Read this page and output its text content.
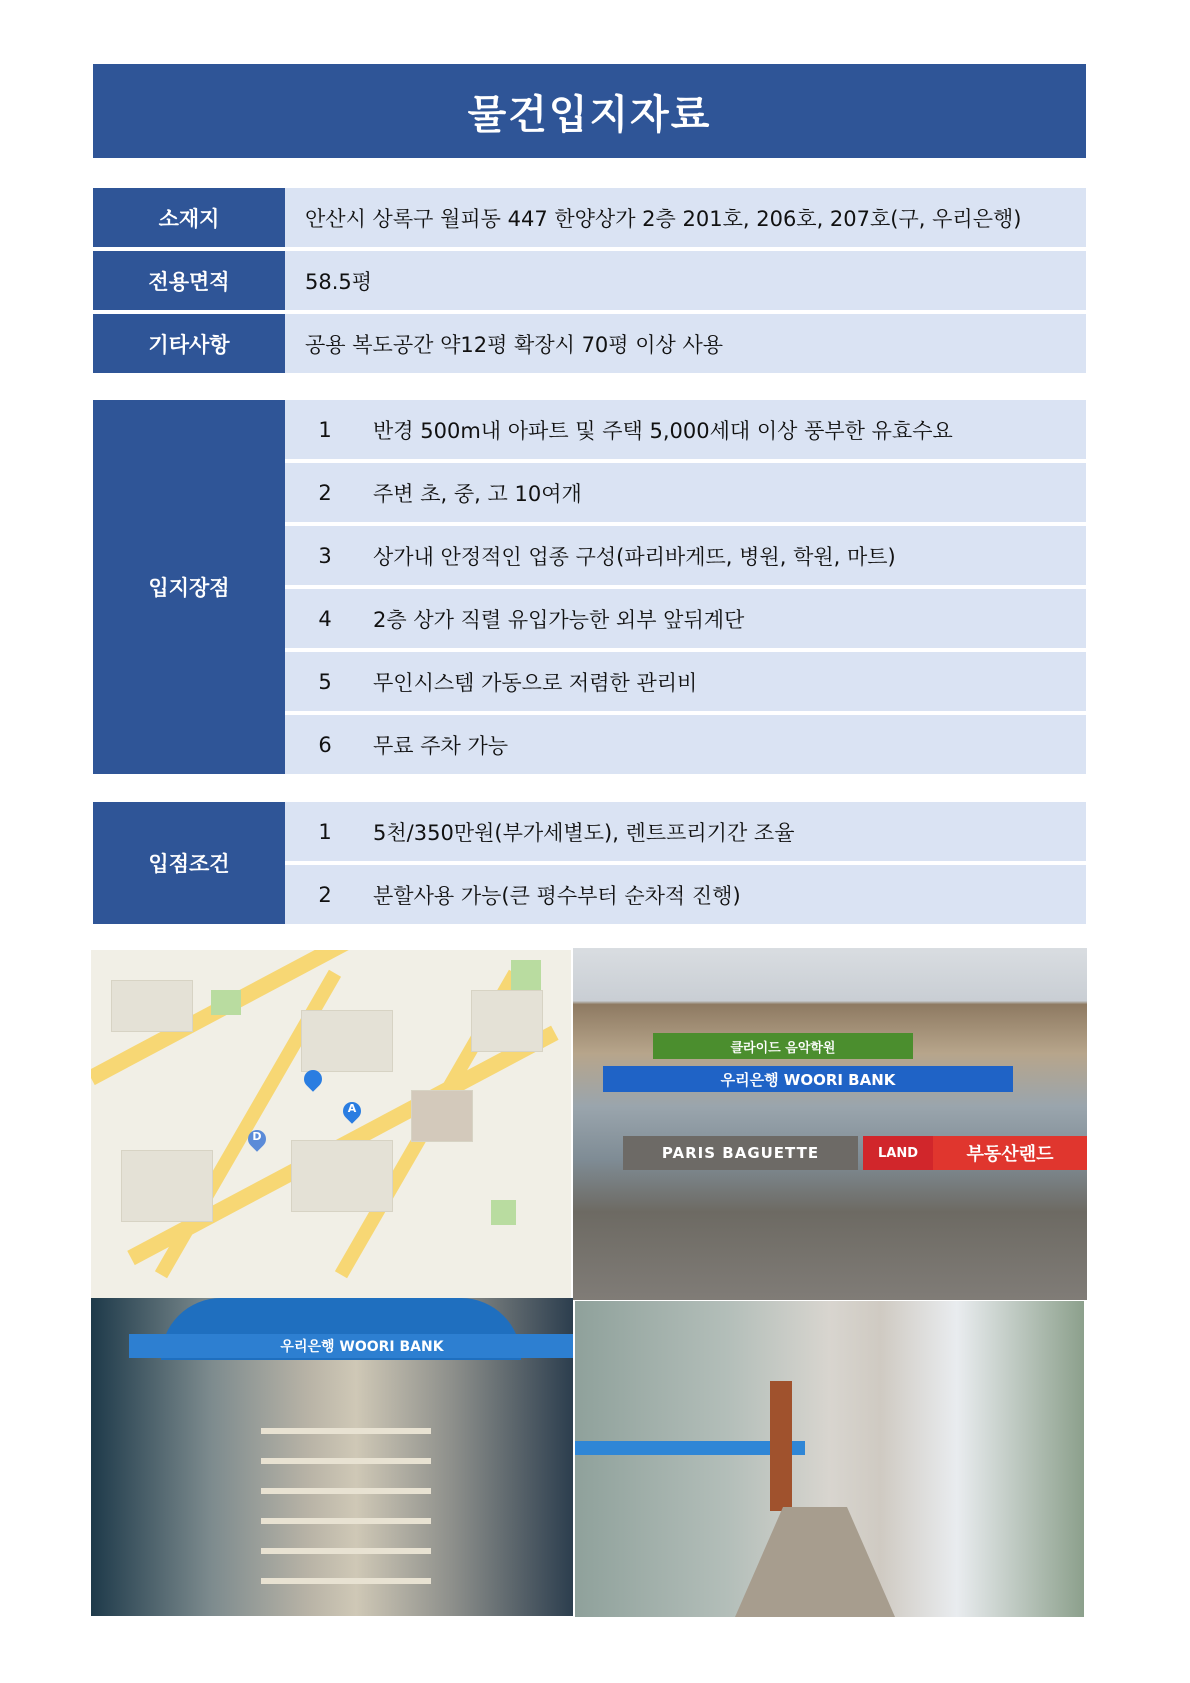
물건입지자료
소재지	안산시 상록구 월피동 447 한양상가 2층 201호, 206호, 207호(구, 우리은행)
전용면적	58.5평
기타사항	공용 복도공간 약12평 확장시 70평 이상 사용
입지장점
1	반경 500m내 아파트 및 주택 5,000세대 이상 풍부한 유효수요
2	주변 초, 중, 고 10여개
3	상가내 안정적인 업종 구성(파리바게뜨, 병원, 학원, 마트)
4	2층 상가 직렬 유입가능한 외부 앞뒤계단
5	무인시스템 가동으로 저렴한 관리비
6	무료 주차 가능
입점조건
1	5천/350만원(부가세별도), 렌트프리기간 조율
2	분할사용 가능(큰 평수부터 순차적 진행)
A
D
클라이드 음악학원
우리은행 WOORI BANK
PARIS BAGUETTE	LAND	부동산랜드
우리은행 WOORI BANK
